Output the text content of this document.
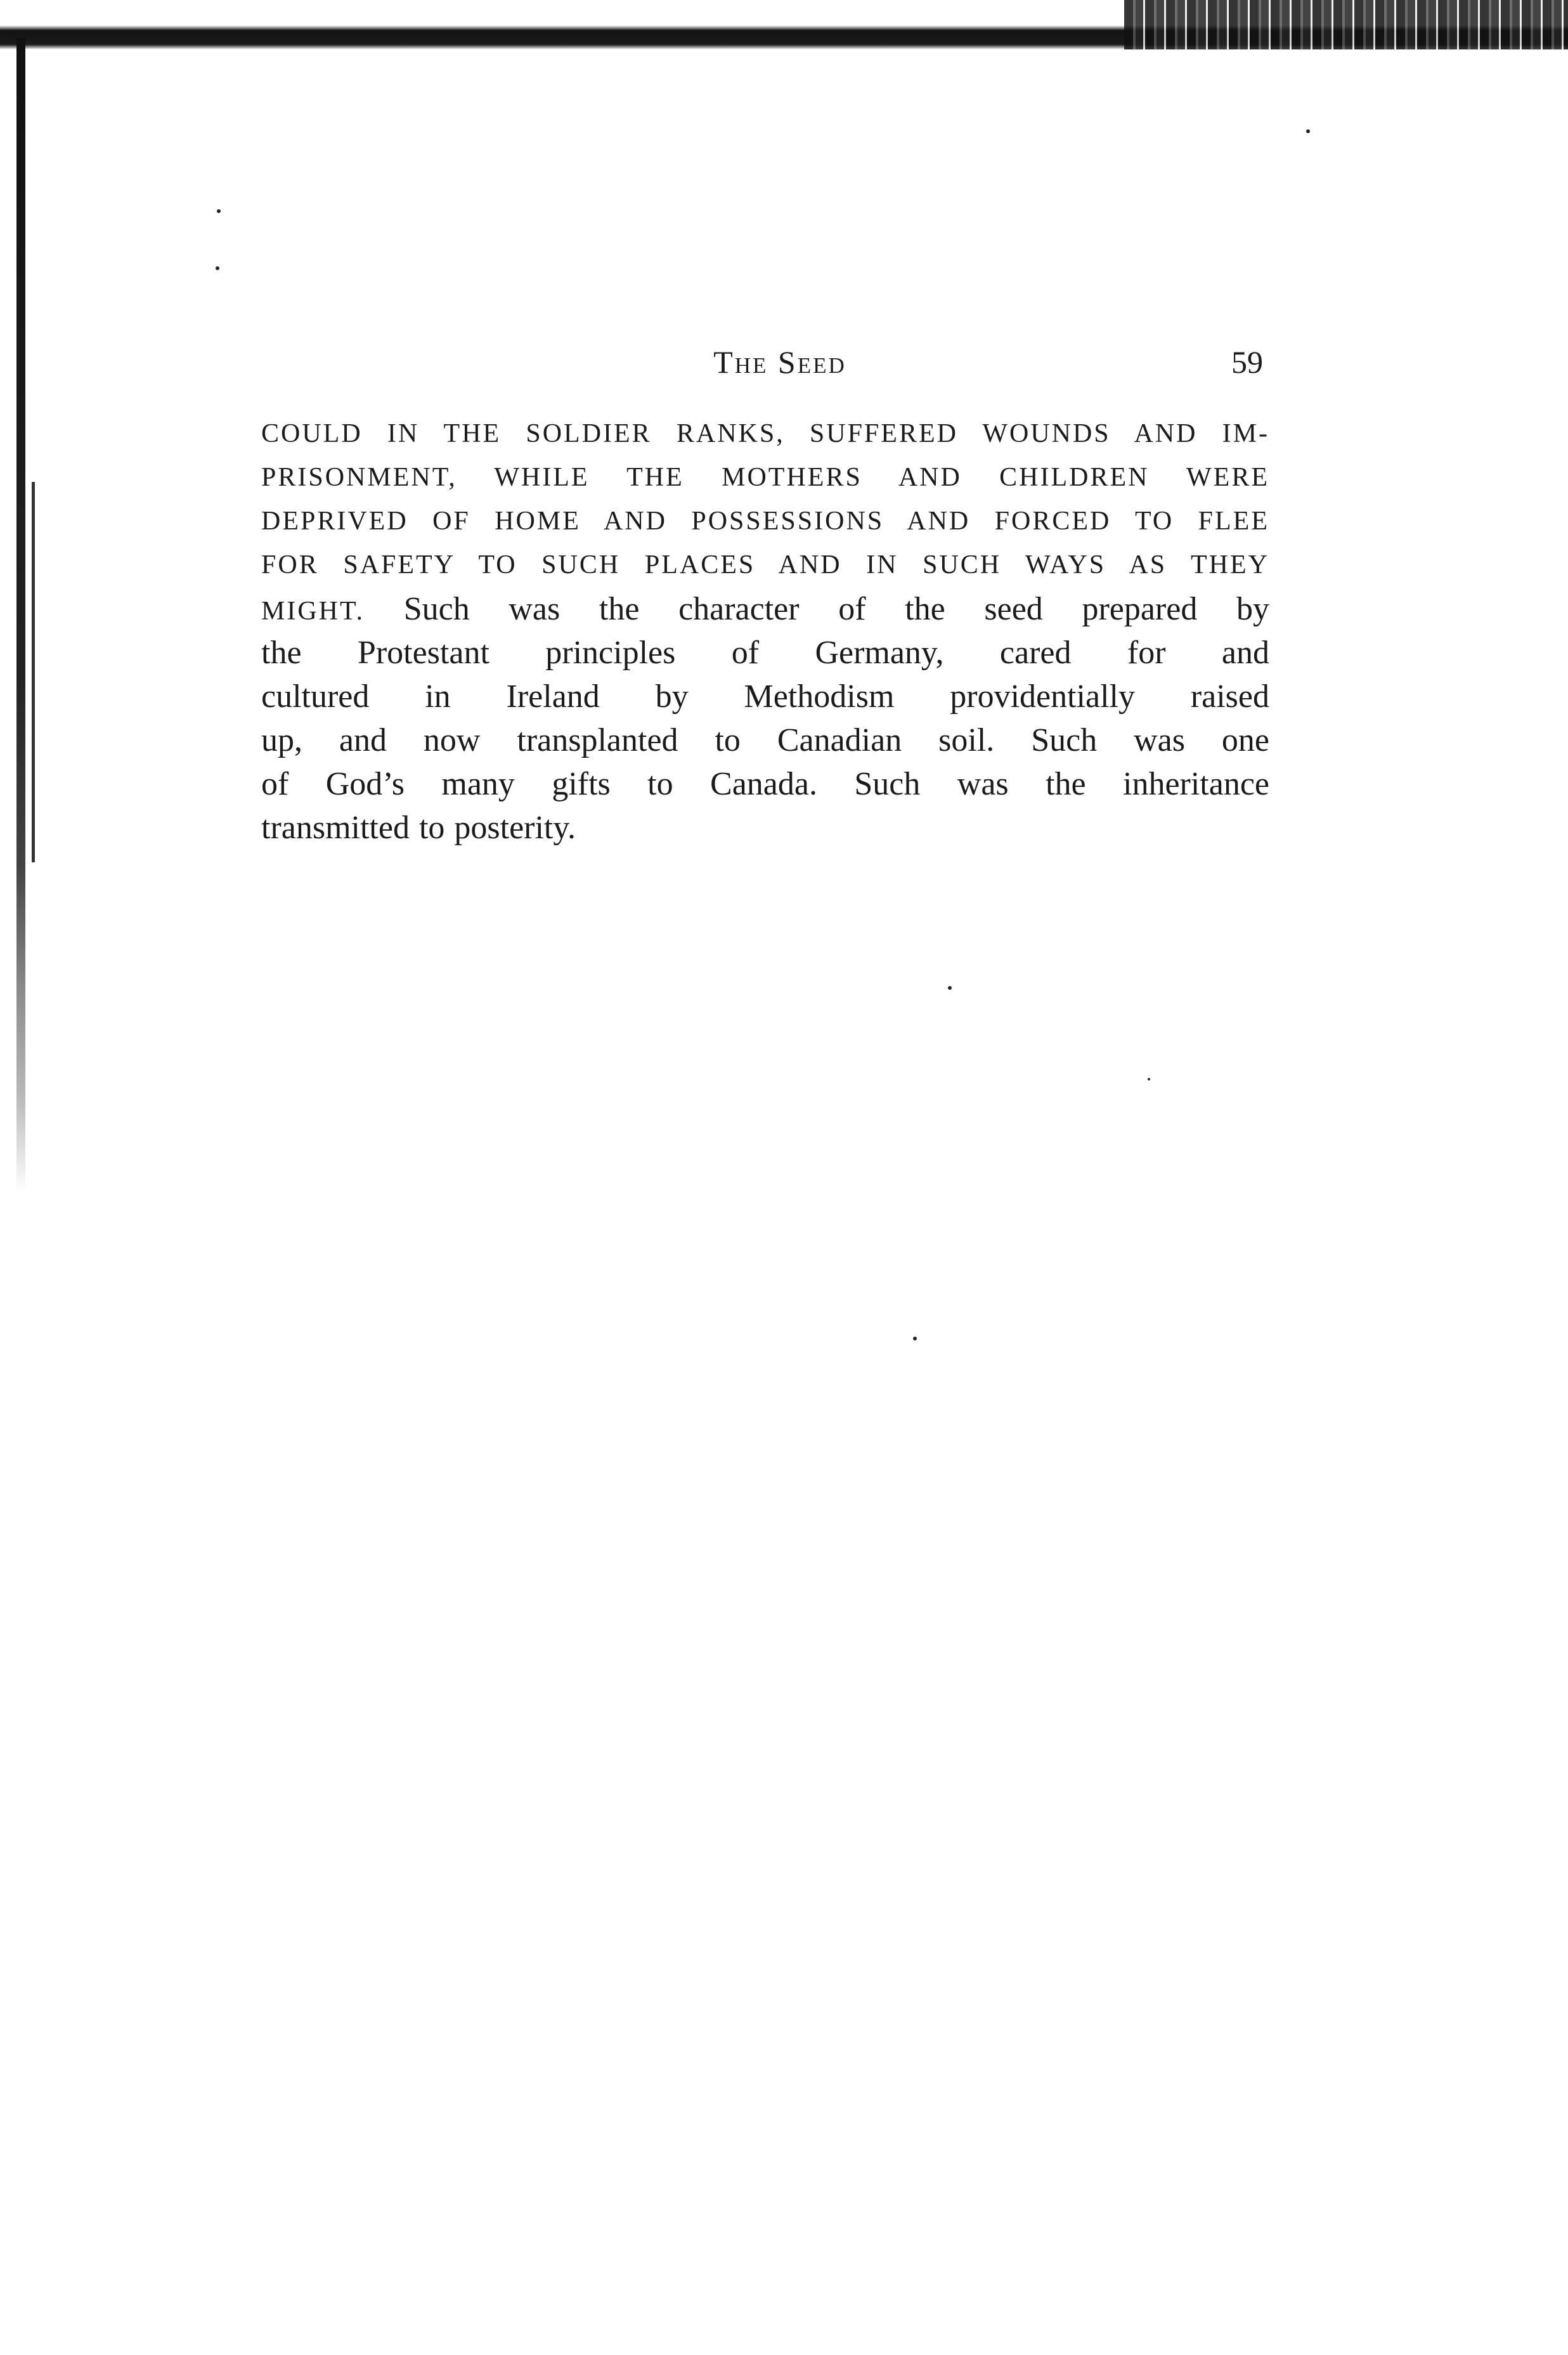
The Seed	59
COULD IN THE SOLDIER RANKS, SUFFERED WOUNDS AND IM-
PRISONMENT, WHILE THE MOTHERS AND CHILDREN WERE
DEPRIVED OF HOME AND POSSESSIONS AND FORCED TO FLEE
FOR SAFETY TO SUCH PLACES AND IN SUCH WAYS AS THEY
MIGHT. Such was the character of the seed prepared by
the Protestant principles of Germany, cared for and
cultured in Ireland by Methodism providentially raised
up, and now transplanted to Canadian soil. Such was one
of God’s many gifts to Canada. Such was the inheritance
transmitted to posterity.
